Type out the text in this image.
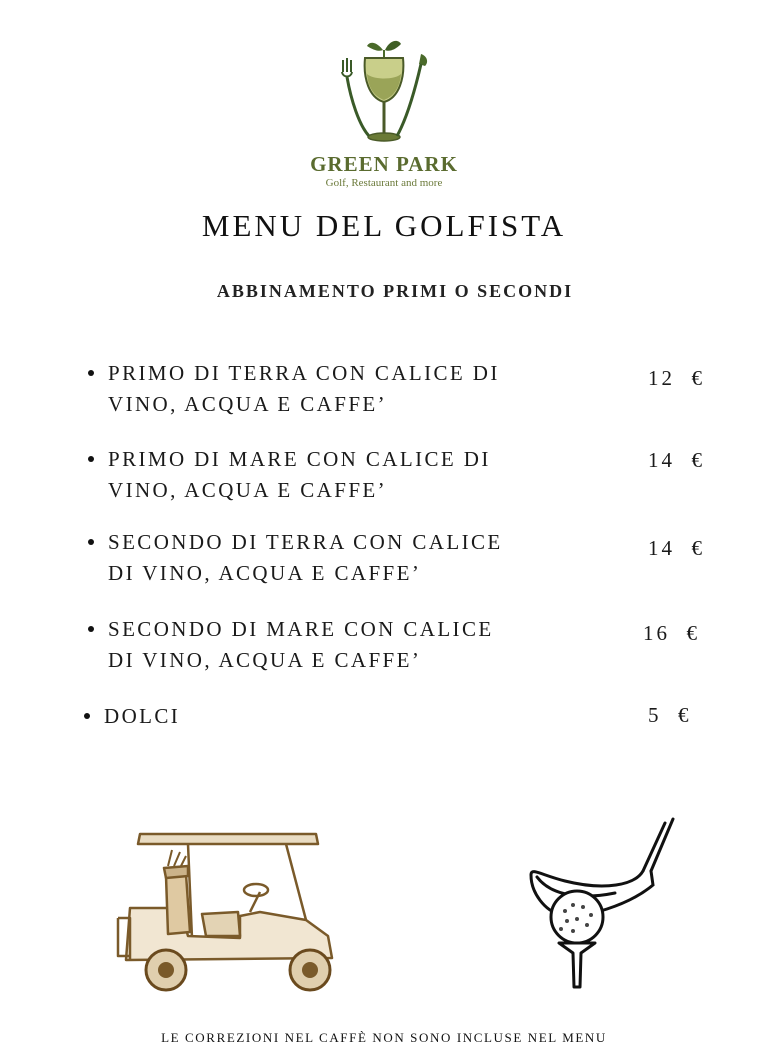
GREEN PARK
Golf, Restaurant and more
MENU DEL GOLFISTA
ABBINAMENTO PRIMI O SECONDI
PRIMO DI TERRA CON CALICE DI
VINO, ACQUA E CAFFE’
12  €
PRIMO DI MARE CON CALICE DI
VINO, ACQUA E CAFFE’
14  €
SECONDO DI TERRA CON CALICE
DI VINO, ACQUA E CAFFE’
14  €
SECONDO DI MARE CON CALICE
DI VINO, ACQUA E CAFFE’
16  €
DOLCI	5  €
LE CORREZIONI NEL CAFFÈ NON SONO INCLUSE NEL MENU
